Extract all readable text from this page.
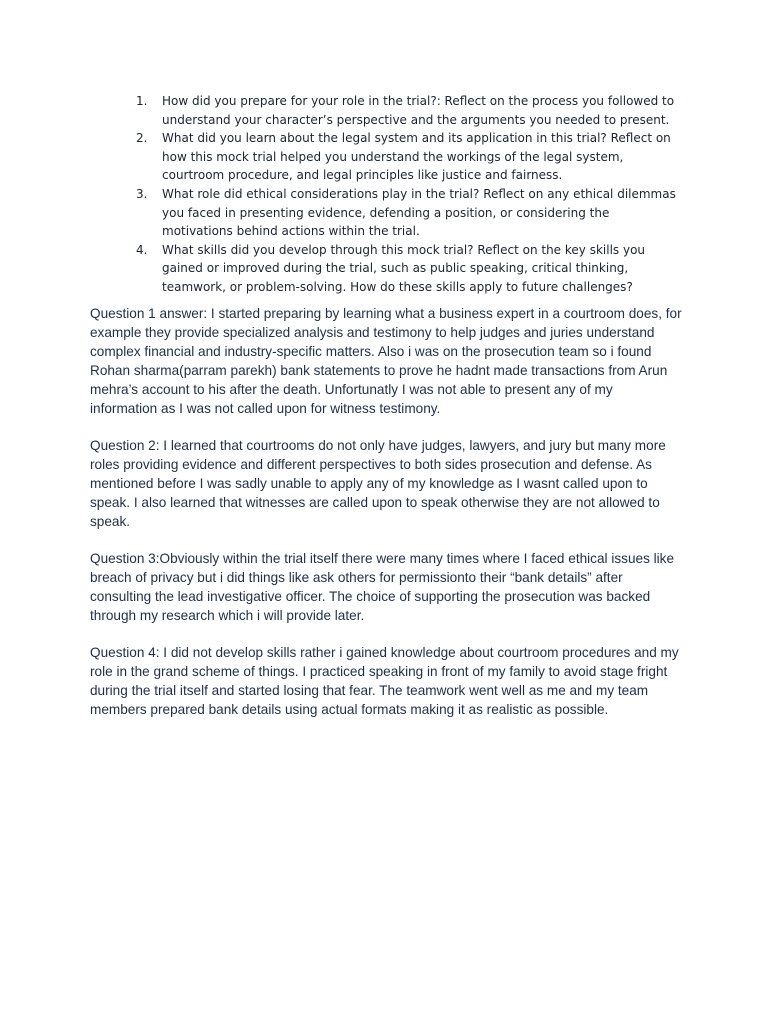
1.	How did you prepare for your role in the trial?: Reflect on the process you followed to understand your character’s perspective and the arguments you needed to present.
2.	What did you learn about the legal system and its application in this trial? Reflect on how this mock trial helped you understand the workings of the legal system, courtroom procedure, and legal principles like justice and fairness.
3.	What role did ethical considerations play in the trial? Reflect on any ethical dilemmas you faced in presenting evidence, defending a position, or considering the motivations behind actions within the trial.
4.	What skills did you develop through this mock trial? Reflect on the key skills you gained or improved during the trial, such as public speaking, critical thinking, teamwork, or problem-solving. How do these skills apply to future challenges?

Question 1 answer: I started preparing by learning what a business expert in a courtroom does, for example they provide specialized analysis and testimony to help judges and juries understand complex financial and industry-specific matters. Also i was on the prosecution team so i found Rohan sharma(parram parekh) bank statements to prove he hadnt made transactions from Arun mehra’s account to his after the death. Unfortunatly I was not able to present any of my information as I was not called upon for witness testimony.

Question 2: I learned that courtrooms do not only have judges, lawyers, and jury but many more roles providing evidence and different perspectives to both sides prosecution and defense. As mentioned before I was sadly unable to apply any of my knowledge as I wasnt called upon to speak. I also learned that witnesses are called upon to speak otherwise they are not allowed to speak.

Question 3:Obviously within the trial itself there were many times where I faced ethical issues like breach of privacy but i did things like ask others for permissionto their “bank details” after consulting the lead investigative officer. The choice of supporting the prosecution was backed through my research which i will provide later.

Question 4: I did not develop skills rather i gained knowledge about courtroom procedures and my role in the grand scheme of things. I practiced speaking in front of my family to avoid stage fright during the trial itself and started losing that fear. The teamwork went well as me and my team members prepared bank details using actual formats making it as realistic as possible.
